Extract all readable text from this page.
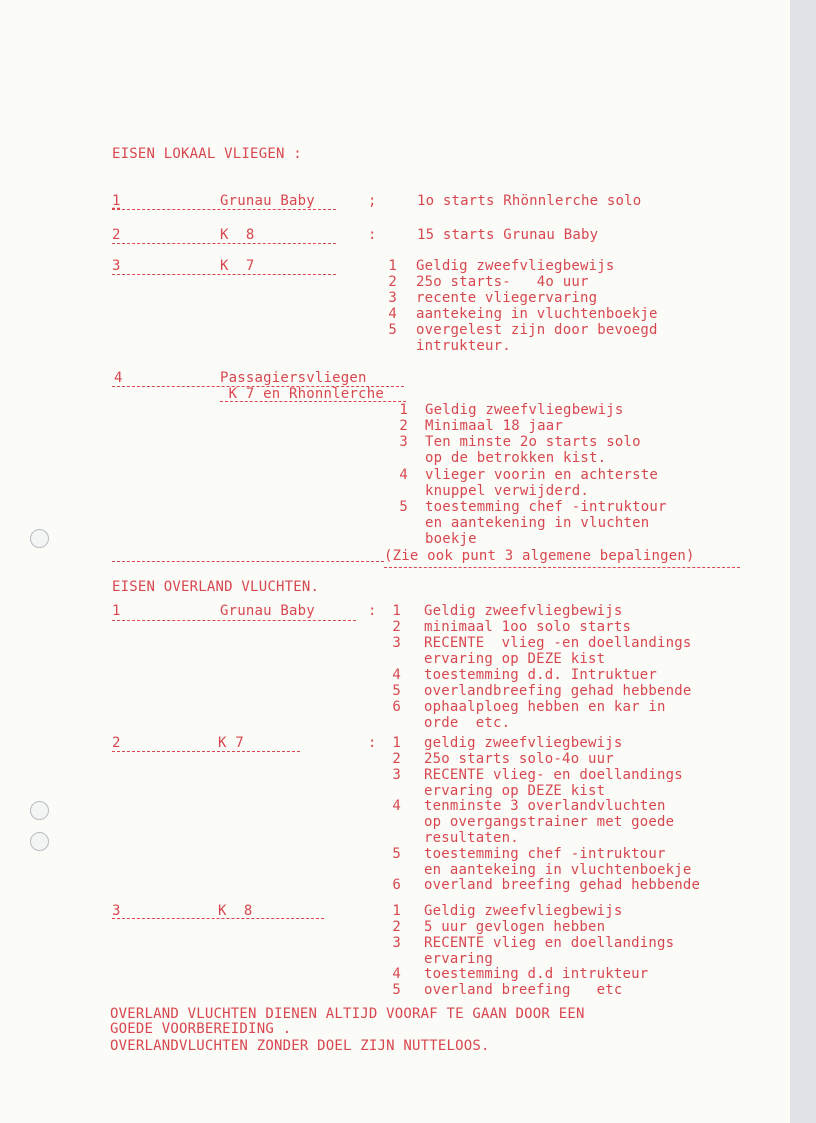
EISEN LOKAAL VLIEGEN :

1	Grunau Baby	;	1o starts Rhönnlerche solo

2	K  8	:	15 starts Grunau Baby

3	K  7	1 Geldig zweefvliegbewijs

2 25o starts-   4o uur

3 recente vliegervaring

4 aantekeing in vluchtenboekje

5 overgelest zijn door bevoegd
intrukteur.

4	Passagiersvliegen
K 7 en Rhonnlerche

1 Geldig zweefvliegbewijs

2 Minimaal 18 jaar

3 Ten minste 2o starts solo
op de betrokken kist.

4 vlieger voorin en achterste
knuppel verwijderd.

5 toestemming chef -intruktour
en aantekening in vluchten
boekje

(Zie ook punt 3 algemene bepalingen)

EISEN OVERLAND VLUCHTEN.

1	Grunau Baby	:	1 Geldig zweefvliegbewijs

2 minimaal 1oo solo starts

3 RECENTE  vlieg -en doellandings
ervaring op DEZE kist

4 toestemming d.d. Intruktuer

5 overlandbreefing gehad hebbende

6 ophaalploeg hebben en kar in
orde  etc.

2	K 7	:	1 geldig zweefvliegbewijs

2 25o starts solo-4o uur

3 RECENTE vlieg- en doellandings
ervaring op DEZE kist

4 tenminste 3 overlandvluchten
op overgangstrainer met goede
resultaten.

5 toestemming chef -intruktour
en aantekeing in vluchtenboekje

6 overland breefing gehad hebbende

3	K  8	1 Geldig zweefvliegbewijs

2 5 uur gevlogen hebben

3 RECENTE vlieg en doellandings
ervaring

4 toestemming d.d intrukteur

5 overland breefing   etc

OVERLAND VLUCHTEN DIENEN ALTIJD VOORAF TE GAAN DOOR EEN

GOEDE VOORBEREIDING .

OVERLANDVLUCHTEN ZONDER DOEL ZIJN NUTTELOOS.
